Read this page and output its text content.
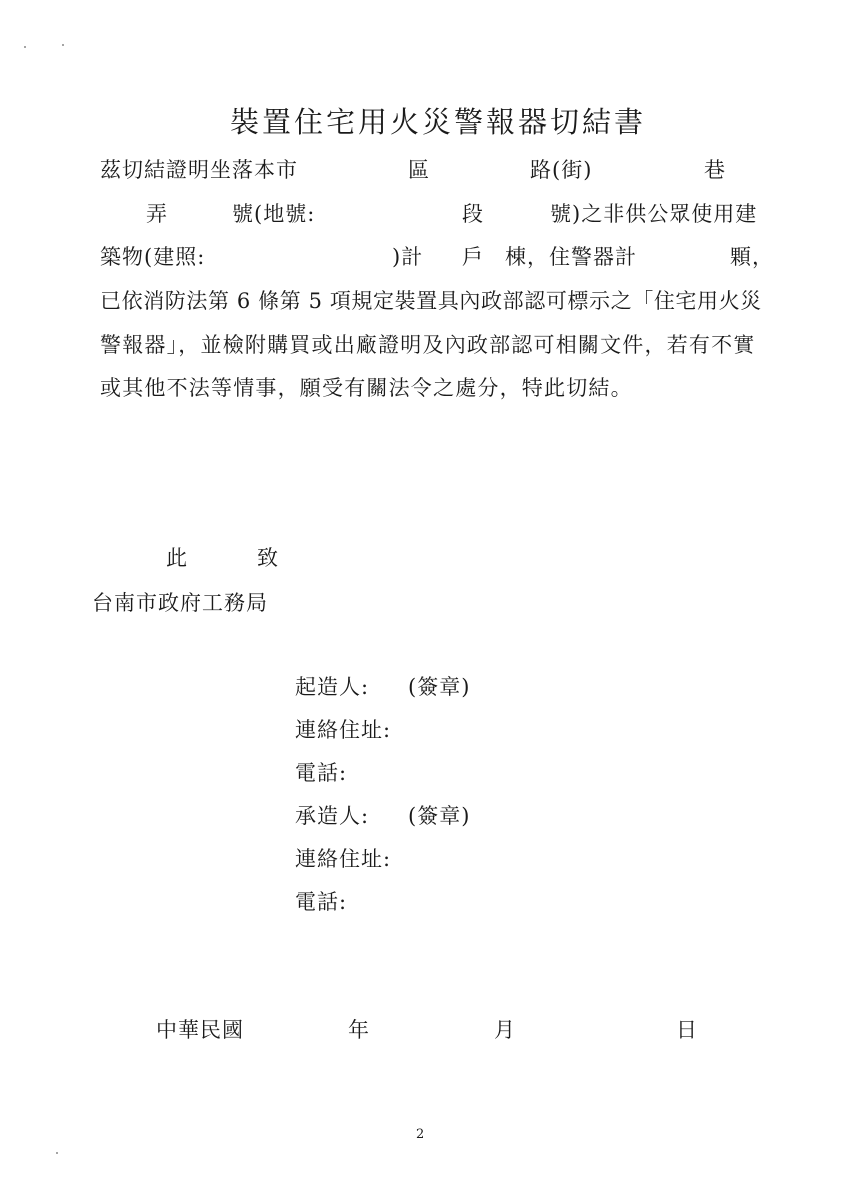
裝置住宅用火災警報器切結書
茲切結證明坐落本市	區	路(街)	巷
弄	號(地號:	段	號)之非供公眾使用建
築物(建照:	)計 戶 棟，住警器計	顆，
已依消防法第 6 條第 5 項規定裝置具內政部認可標示之「住宅用火災
警報器」，並檢附購買或出廠證明及內政部認可相關文件，若有不實
或其他不法等情事，願受有關法令之處分，特此切結。
此	致
台南市政府工務局
起造人: (簽章)
連絡住址:
電話:
承造人: (簽章)
連絡住址:
電話:
中華民國	年	月	日
2
